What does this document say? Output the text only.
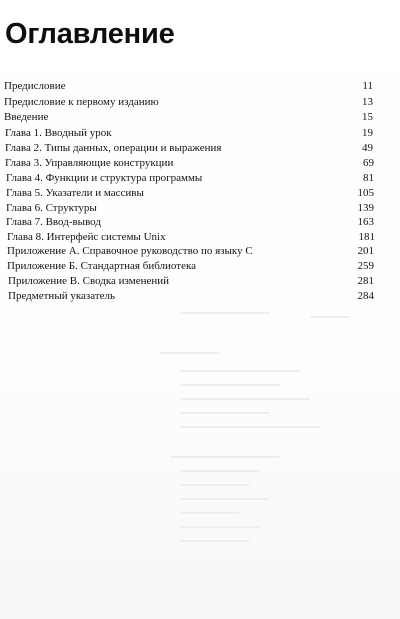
Оглавление
Предисловие	11
Предисловие к первому изданию	13
Введение	15
Глава 1. Вводный урок	19
Глава 2. Типы данных, операции и выражения	49
Глава 3. Управляющие конструкции	69
Глава 4. Функции и структура программы	81
Глава 5. Указатели и массивы	105
Глава 6. Структуры	139
Глава 7. Ввод-вывод	163
Глава 8. Интерфейс системы Unix	181
Приложение А. Справочное руководство по языку С	201
Приложение Б. Стандартная библиотека	259
Приложение В. Сводка изменений	281
Предметный указатель	284
